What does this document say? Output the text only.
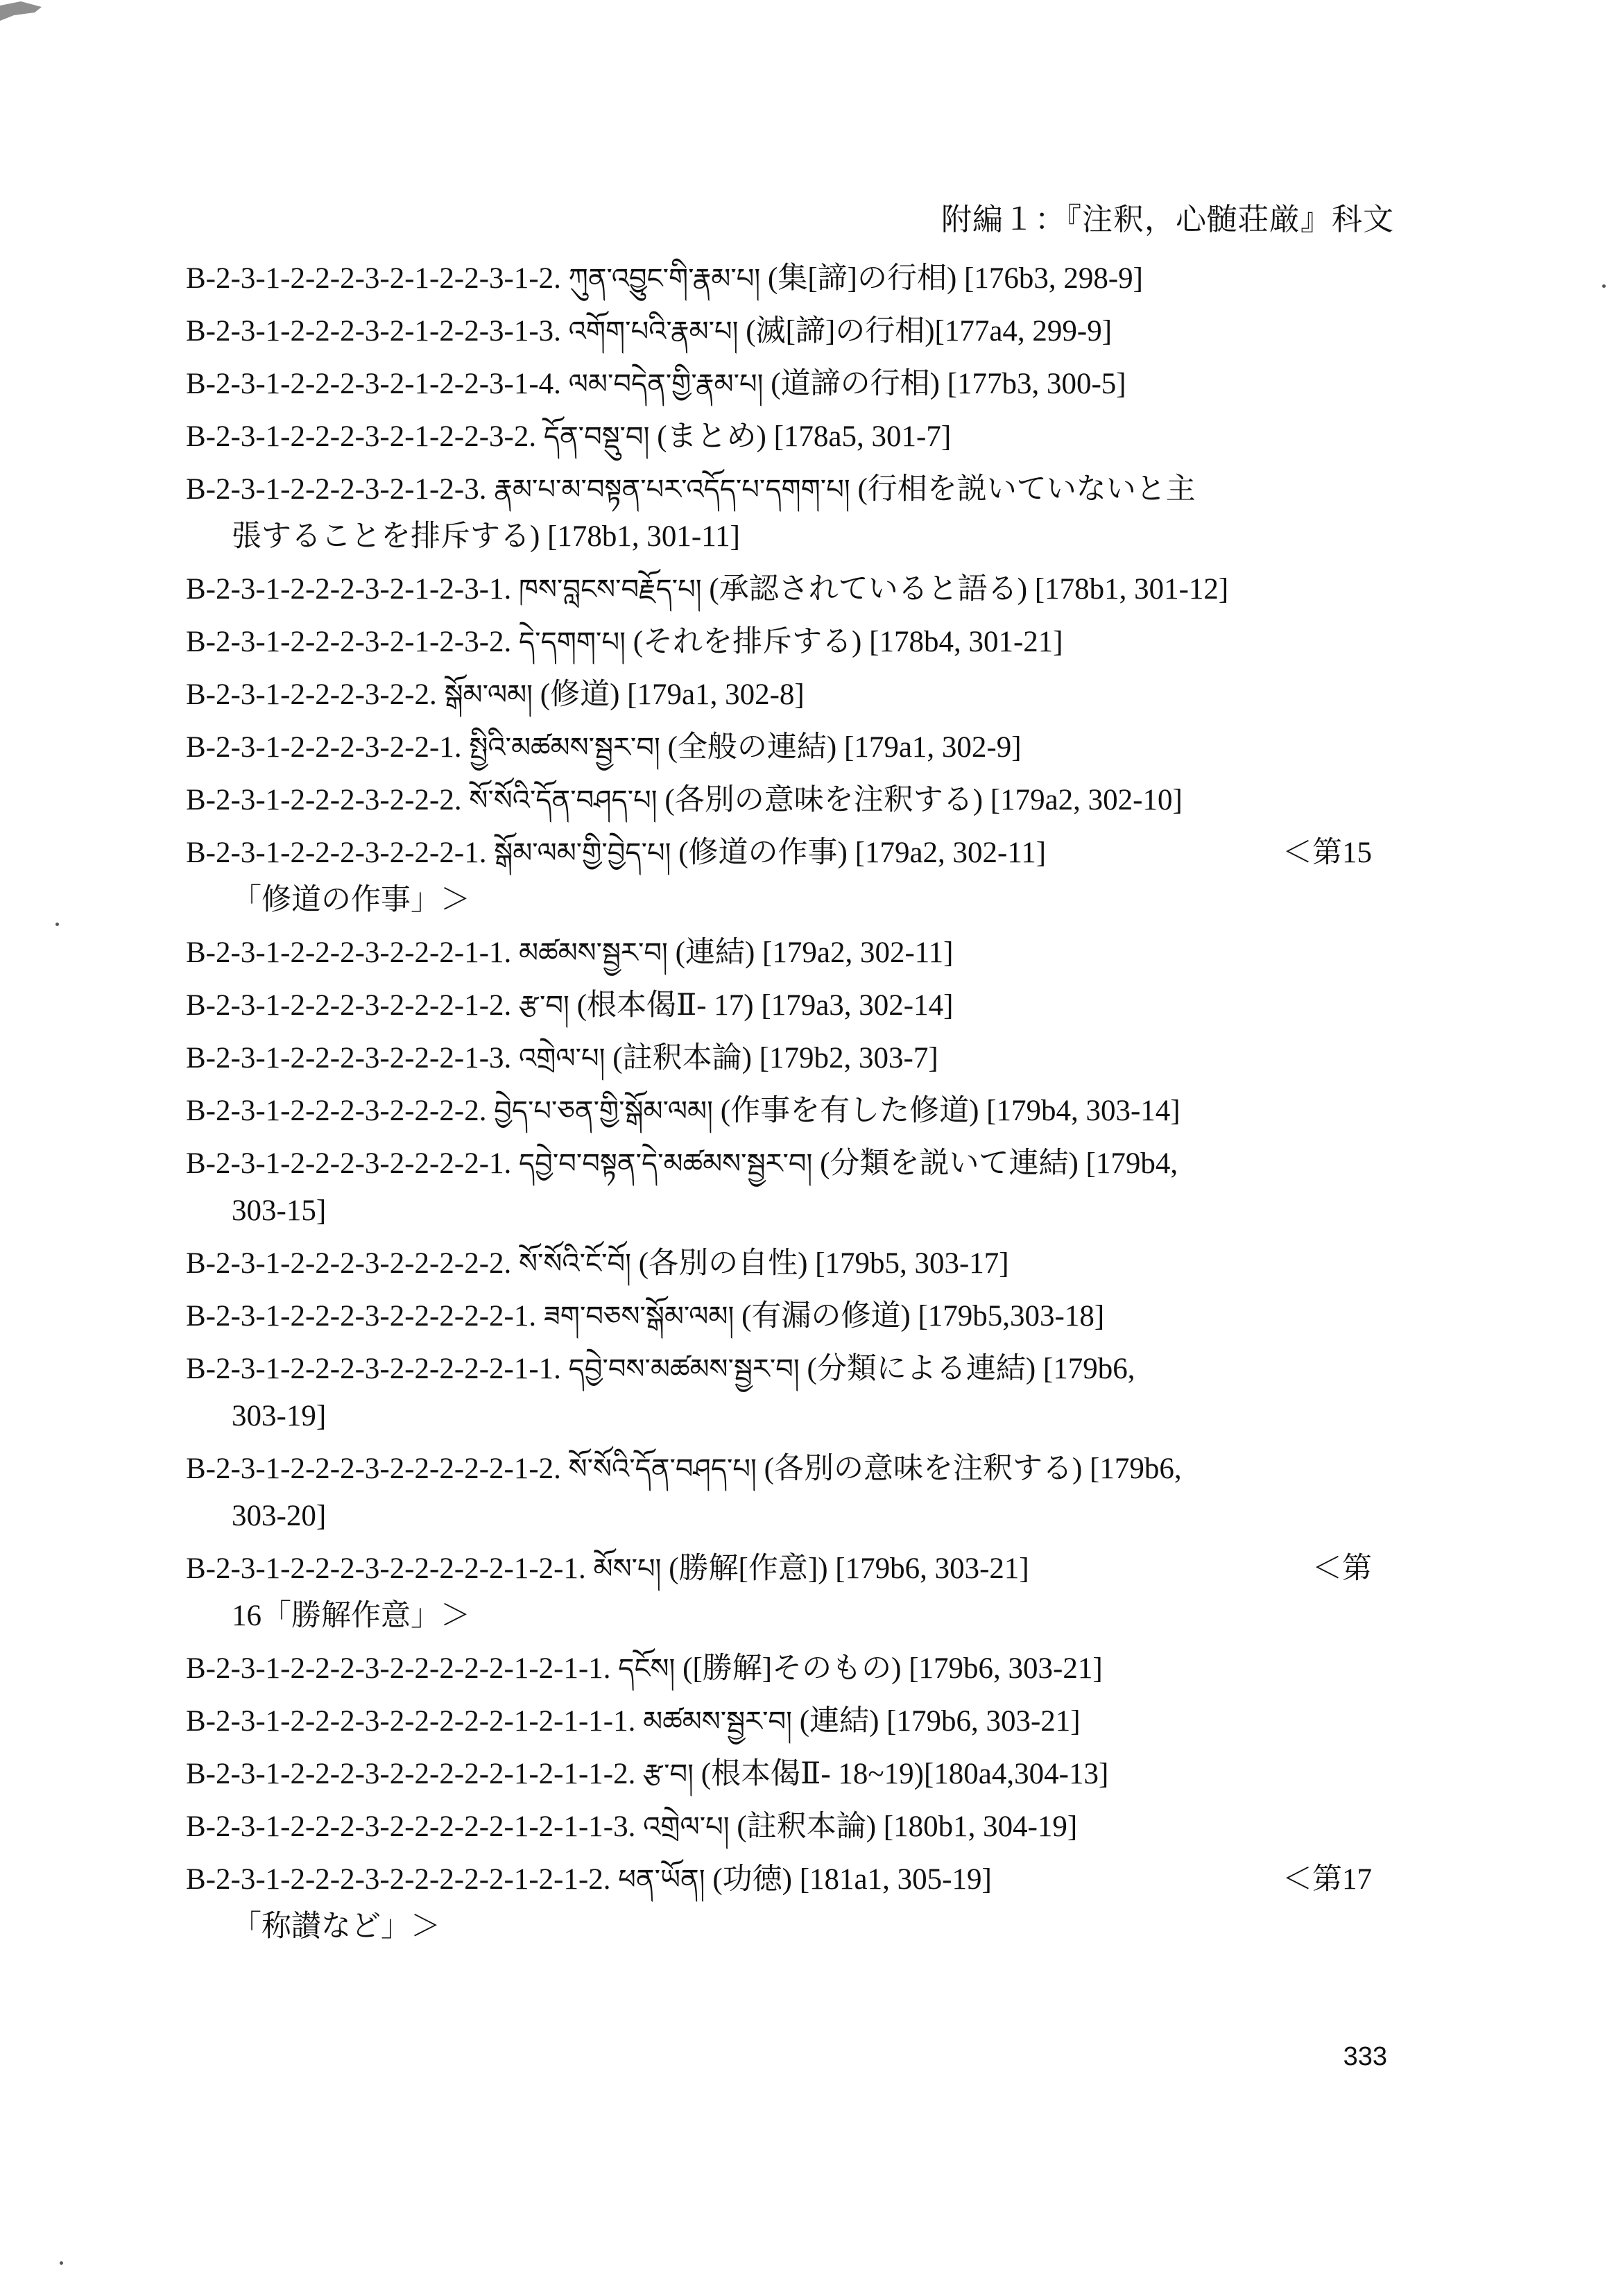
附編１：『注釈，心髄荘厳』科文
B-2-3-1-2-2-2-3-2-1-2-2-3-1-2. ཀུན་འབྱུང་གི་རྣམ་པ། (集[諦]の行相) [176b3, 298-9]
B-2-3-1-2-2-2-3-2-1-2-2-3-1-3. འགོག་པའི་རྣམ་པ། (滅[諦]の行相)[177a4, 299-9]
B-2-3-1-2-2-2-3-2-1-2-2-3-1-4. ལམ་བདེན་གྱི་རྣམ་པ། (道諦の行相) [177b3, 300-5]
B-2-3-1-2-2-2-3-2-1-2-2-3-2. དོན་བསྡུ་བ། (まとめ) [178a5, 301-7]
B-2-3-1-2-2-2-3-2-1-2-3. རྣམ་པ་མ་བསྟན་པར་འདོད་པ་དགག་པ། (行相を説いていないと主
張することを排斥する) [178b1, 301-11]
B-2-3-1-2-2-2-3-2-1-2-3-1. ཁས་བླངས་བརྗོད་པ། (承認されていると語る) [178b1, 301-12]
B-2-3-1-2-2-2-3-2-1-2-3-2. དེ་དགག་པ། (それを排斥する) [178b4, 301-21]
B-2-3-1-2-2-2-3-2-2. སྒོམ་ལམ། (修道) [179a1, 302-8]
B-2-3-1-2-2-2-3-2-2-1. སྤྱིའི་མཚམས་སྦྱར་བ། (全般の連結) [179a1, 302-9]
B-2-3-1-2-2-2-3-2-2-2. སོ་སོའི་དོན་བཤད་པ། (各別の意味を注釈する) [179a2, 302-10]
B-2-3-1-2-2-2-3-2-2-2-1. སྒོམ་ལམ་གྱི་བྱེད་པ། (修道の作事) [179a2, 302-11]	＜第15
「修道の作事」＞
B-2-3-1-2-2-2-3-2-2-2-1-1. མཚམས་སྦྱར་བ། (連結) [179a2, 302-11]
B-2-3-1-2-2-2-3-2-2-2-1-2. རྩ་བ། (根本偈Ⅱ- 17) [179a3, 302-14]
B-2-3-1-2-2-2-3-2-2-2-1-3. འགྲེལ་པ། (註釈本論) [179b2, 303-7]
B-2-3-1-2-2-2-3-2-2-2-2. བྱེད་པ་ཅན་གྱི་སྒོམ་ལམ། (作事を有した修道) [179b4, 303-14]
B-2-3-1-2-2-2-3-2-2-2-2-1. དབྱེ་བ་བསྟན་དེ་མཚམས་སྦྱར་བ། (分類を説いて連結) [179b4,
303-15]
B-2-3-1-2-2-2-3-2-2-2-2-2. སོ་སོའི་ངོ་བོ། (各別の自性) [179b5, 303-17]
B-2-3-1-2-2-2-3-2-2-2-2-2-1. ཟག་བཅས་སྒོམ་ལམ། (有漏の修道) [179b5,303-18]
B-2-3-1-2-2-2-3-2-2-2-2-2-1-1. དབྱེ་བས་མཚམས་སྦྱར་བ། (分類による連結) [179b6,
303-19]
B-2-3-1-2-2-2-3-2-2-2-2-2-1-2. སོ་སོའི་དོན་བཤད་པ། (各別の意味を注釈する) [179b6,
303-20]
B-2-3-1-2-2-2-3-2-2-2-2-2-1-2-1. མོས་པ། (勝解[作意]) [179b6, 303-21]	＜第
16「勝解作意」＞
B-2-3-1-2-2-2-3-2-2-2-2-2-1-2-1-1. དངོས། ([勝解]そのもの) [179b6, 303-21]
B-2-3-1-2-2-2-3-2-2-2-2-2-1-2-1-1-1. མཚམས་སྦྱར་བ། (連結) [179b6, 303-21]
B-2-3-1-2-2-2-3-2-2-2-2-2-1-2-1-1-2. རྩ་བ། (根本偈Ⅱ- 18~19)[180a4,304-13]
B-2-3-1-2-2-2-3-2-2-2-2-2-1-2-1-1-3. འགྲེལ་པ། (註釈本論) [180b1, 304-19]
B-2-3-1-2-2-2-3-2-2-2-2-2-1-2-1-2. ཕན་ཡོན། (功徳) [181a1, 305-19]	＜第17
「称讃など」＞
333
